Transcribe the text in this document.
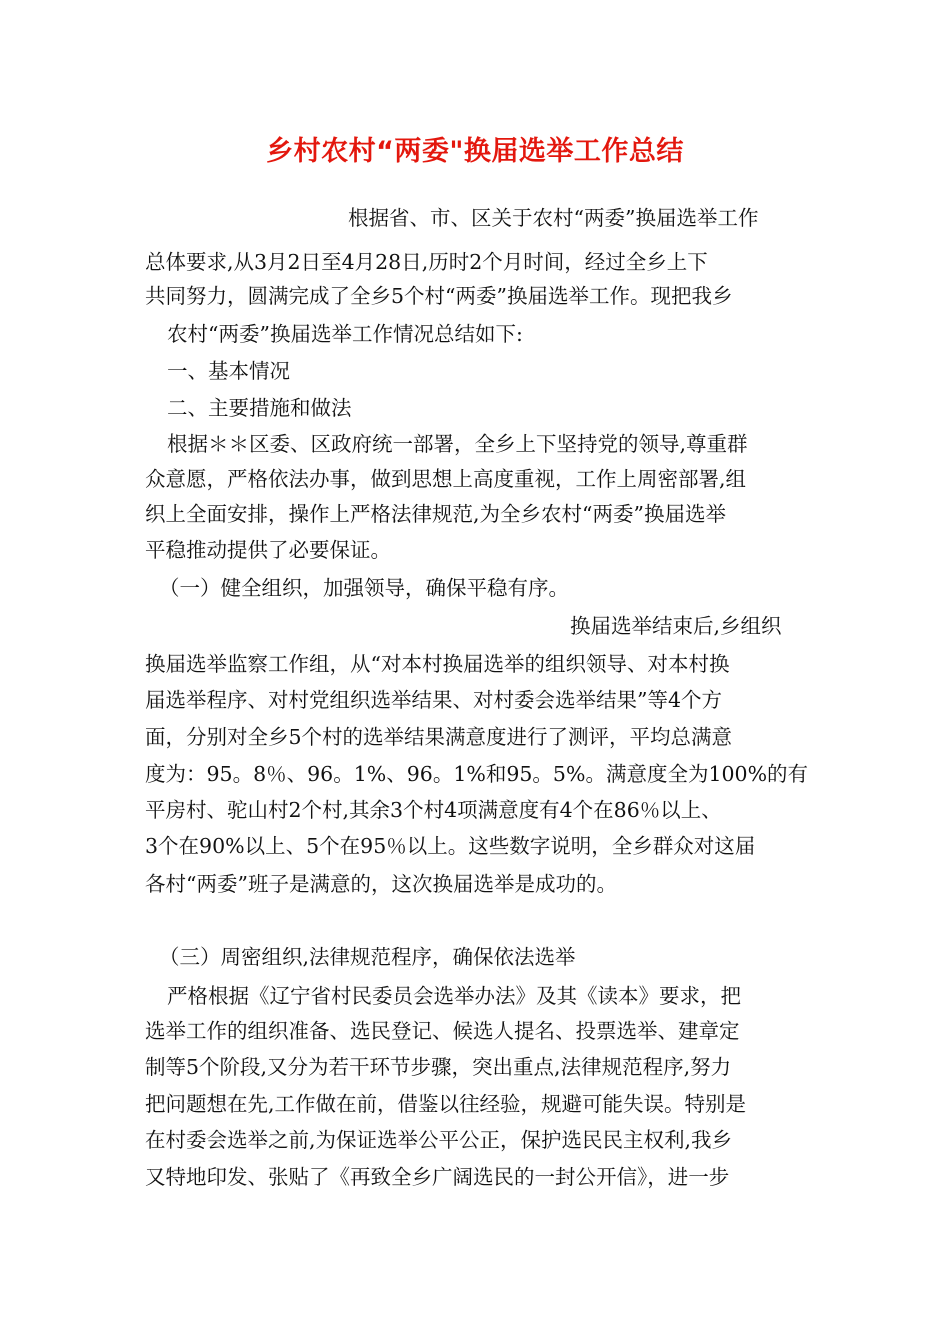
乡村农村“两委"换届选举工作总结
根据省、市、区关于农村“两委”换届选举工作
总体要求,从3月2日至4月28日,历时2个月时间，经过全乡上下
共同努力，圆满完成了全乡5个村“两委”换届选举工作。现把我乡
农村“两委”换届选举工作情况总结如下:
一、基本情况
二、主要措施和做法
根据＊＊区委、区政府统一部署，全乡上下坚持党的领导,尊重群
众意愿，严格依法办事，做到思想上高度重视，工作上周密部署,组
织上全面安排，操作上严格法律规范,为全乡农村“两委”换届选举
平稳推动提供了必要保证。
（一）健全组织，加强领导，确保平稳有序。
换届选举结束后,乡组织
换届选举监察工作组，从“对本村换届选举的组织领导、对本村换
届选举程序、对村党组织选举结果、对村委会选举结果”等4个方
面，分别对全乡5个村的选举结果满意度进行了测评，平均总满意
度为：95。8％、96。1%、96。1%和95。5%。满意度全为100%的有
平房村、驼山村2个村,其余3个村4项满意度有4个在86％以上、
3个在90%以上、5个在95％以上。这些数字说明，全乡群众对这届
各村“两委”班子是满意的，这次换届选举是成功的。
（三）周密组织,法律规范程序，确保依法选举
严格根据《辽宁省村民委员会选举办法》及其《读本》要求，把
选举工作的组织准备、选民登记、候选人提名、投票选举、建章定
制等5个阶段,又分为若干环节步骤，突出重点,法律规范程序,努力
把问题想在先,工作做在前，借鉴以往经验，规避可能失误。特别是
在村委会选举之前,为保证选举公平公正，保护选民民主权利,我乡
又特地印发、张贴了《再致全乡广阔选民的一封公开信》，进一步
